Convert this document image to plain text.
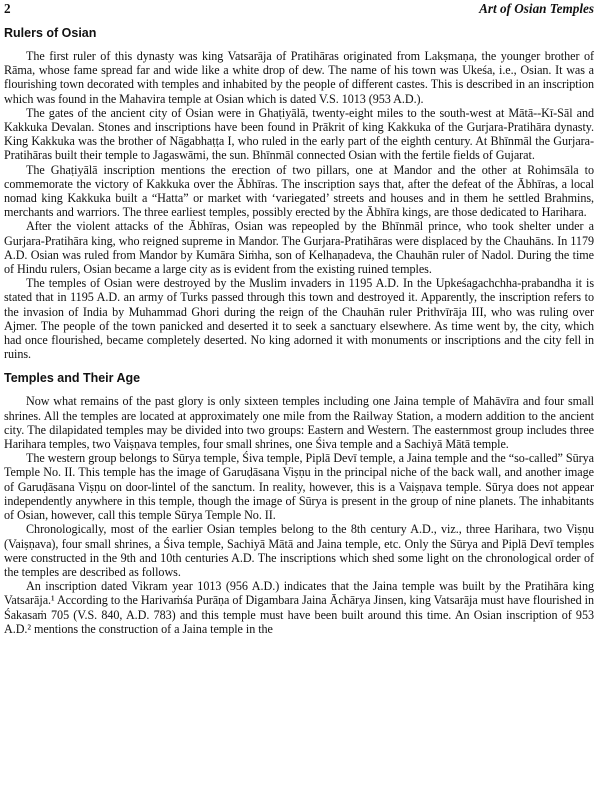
2	Art of Osian Temples
Rulers of Osian

The first ruler of this dynasty was king Vatsarāja of Pratihāras originated from Lakṣmaṇa, the younger brother of Rāma, whose fame spread far and wide like a white drop of dew. The name of his town was Ukeśa, i.e., Osian. It was a flourishing town decorated with temples and inhabited by the people of different castes. This is described in an inscription which was found in the Mahavira temple at Osian which is dated V.S. 1013 (953 A.D.).

The gates of the ancient city of Osian were in Ghaṭiyālā, twenty-eight miles to the south-west at Mātā--Kī-Sāl and Kakkuka Devalan. Stones and inscriptions have been found in Prākrit of king Kakkuka of the Gurjara-Pratihāra dynasty. King Kakkuka was the brother of Nāgabhaṭṭa I, who ruled in the early part of the eighth century. At Bhīnmāl the Gurjara-Pratihāras built their temple to Jagaswāmi, the sun. Bhīnmāl connected Osian with the fertile fields of Gujarat.

The Ghaṭiyālā inscription mentions the erection of two pillars, one at Mandor and the other at Rohimsāla to commemorate the victory of Kakkuka over the Ābhīras. The inscription says that, after the defeat of the Ābhīras, a local nomad king Kakkuka built a “Hatta” or market with ‘variegated’ streets and houses and in them he settled Brahmins, merchants and warriors. The three earliest temples, possibly erected by the Ābhīra kings, are those dedicated to Harihara.

After the violent attacks of the Ābhīras, Osian was repeopled by the Bhīnmāl prince, who took shelter under a Gurjara-Pratihāra king, who reigned supreme in Mandor. The Gurjara-Pratihāras were displaced by the Chauhāns. In 1179 A.D. Osian was ruled from Mandor by Kumāra Siṁha, son of Kelhaṇadeva, the Chauhān ruler of Nadol. During the time of Hindu rulers, Osian became a large city as is evident from the existing ruined temples.

The temples of Osian were destroyed by the Muslim invaders in 1195 A.D. In the Upkeśagachchha-prabandha it is stated that in 1195 A.D. an army of Turks passed through this town and destroyed it. Apparently, the inscription refers to the invasion of India by Muhammad Ghori during the reign of the Chauhān ruler Prithvīrāja III, who was ruling over Ajmer. The people of the town panicked and deserted it to seek a sanctuary elsewhere. As time went by, the city, which had once flourished, became completely deserted. No king adorned it with monuments or inscriptions and the city fell in ruins.

Temples and Their Age

Now what remains of the past glory is only sixteen temples including one Jaina temple of Mahāvīra and four small shrines. All the temples are located at approximately one mile from the Railway Station, a modern addition to the ancient city. The dilapidated temples may be divided into two groups: Eastern and Western. The easternmost group includes three Harihara temples, two Vaiṣṇava temples, four small shrines, one Śiva temple and a Sachiyā Mātā temple.

The western group belongs to Sūrya temple, Śiva temple, Piplā Devī temple, a Jaina temple and the “so-called” Sūrya Temple No. II. This temple has the image of Garuḍāsana Viṣṇu in the principal niche of the back wall, and another image of Garuḍāsana Viṣṇu on door-lintel of the sanctum. In reality, however, this is a Vaiṣṇava temple. Sūrya does not appear independently anywhere in this temple, though the image of Sūrya is present in the group of nine planets. The inhabitants of Osian, however, call this temple Sūrya Temple No. II.

Chronologically, most of the earlier Osian temples belong to the 8th century A.D., viz., three Harihara, two Viṣṇu (Vaiṣṇava), four small shrines, a Śiva temple, Sachiyā Mātā and Jaina temple, etc. Only the Sūrya and Piplā Devī temples were constructed in the 9th and 10th centuries A.D. The inscriptions which shed some light on the chronological order of the temples are described as follows.

An inscription dated Vikram year 1013 (956 A.D.) indicates that the Jaina temple was built by the Pratihāra king Vatsarāja.¹ According to the Harivaṁśa Purāṇa of Digambara Jaina Āchārya Jinsen, king Vatsarāja must have flourished in Śakasaṁ 705 (V.S. 840, A.D. 783) and this temple must have been built around this time. An Osian inscription of 953 A.D.² mentions the construction of a Jaina temple in the
